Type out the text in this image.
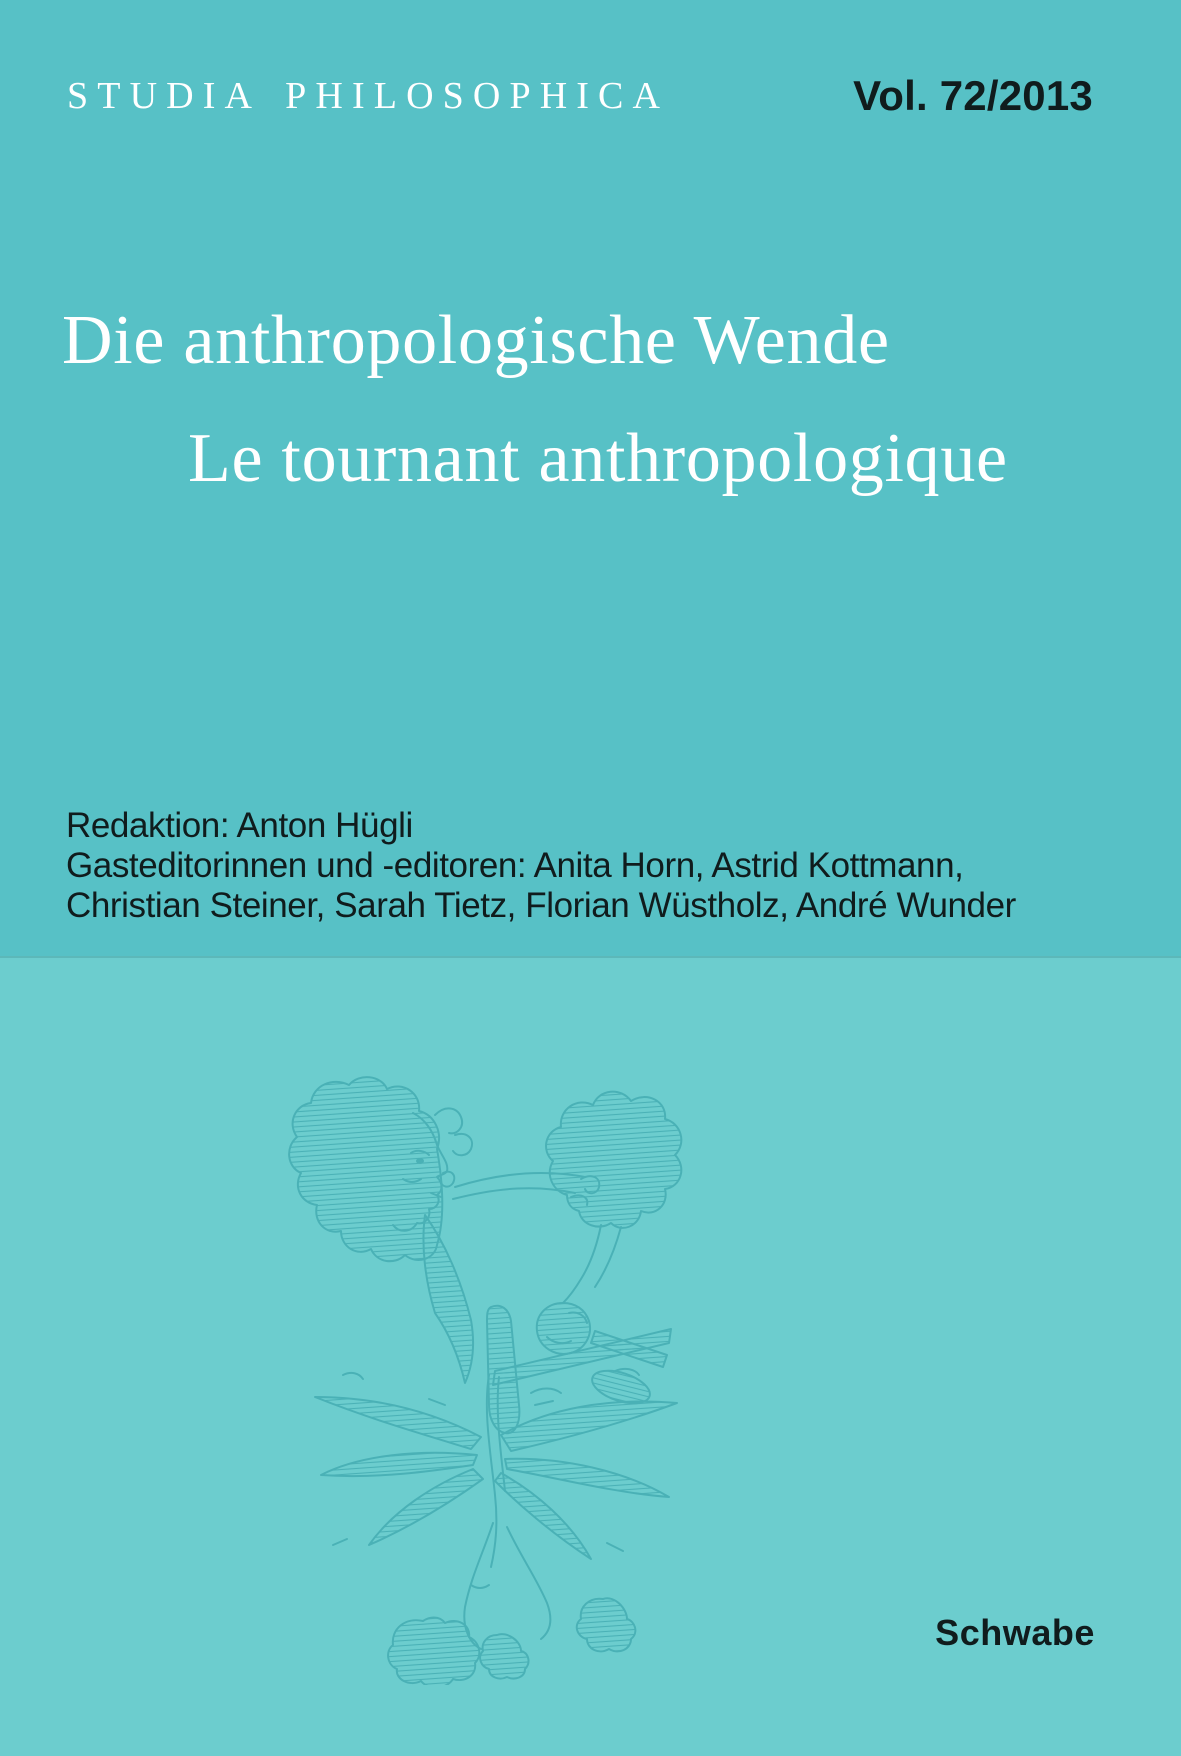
STUDIA PHILOSOPHICA	Vol. 72/2013
Die anthropologische Wende
Le tournant anthropologique
Redaktion: Anton Hügli
Gasteditorinnen und -editoren: Anita Horn, Astrid Kottmann,
Christian Steiner, Sarah Tietz, Florian Wüstholz, André Wunder
Schwabe
